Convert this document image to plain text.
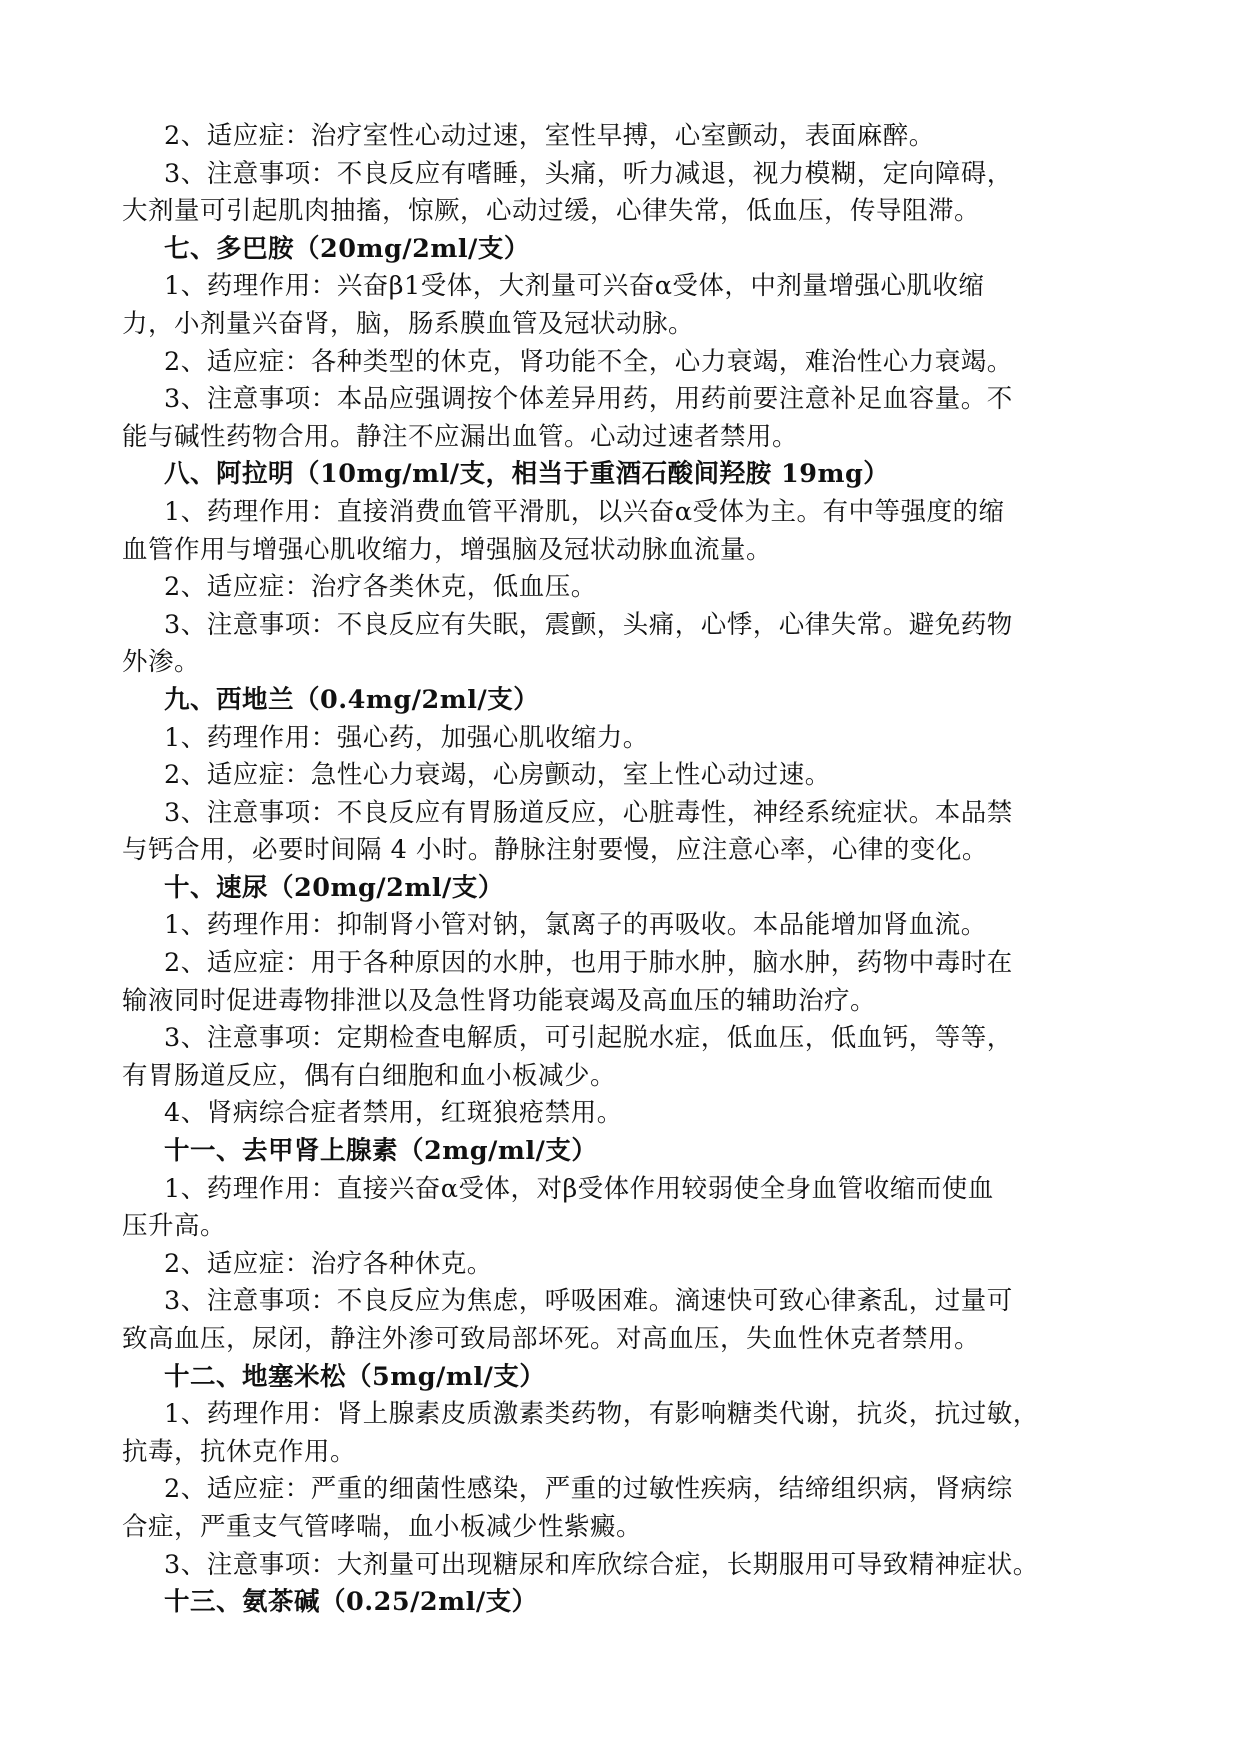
2、适应症：治疗室性心动过速，室性早搏，心室颤动，表面麻醉。

3、注意事项：不良反应有嗜睡，头痛，听力减退，视力模糊，定向障碍，

大剂量可引起肌肉抽搐，惊厥，心动过缓，心律失常，低血压，传导阻滞。

七、多巴胺（20mg/2ml/支）

1、药理作用：兴奋β1受体，大剂量可兴奋α受体，中剂量增强心肌收缩

力，小剂量兴奋肾，脑，肠系膜血管及冠状动脉。

2、适应症：各种类型的休克，肾功能不全，心力衰竭，难治性心力衰竭。

3、注意事项：本品应强调按个体差异用药，用药前要注意补足血容量。不

能与碱性药物合用。静注不应漏出血管。心动过速者禁用。

八、阿拉明（10mg/ml/支，相当于重酒石酸间羟胺 19mg）

1、药理作用：直接消费血管平滑肌，以兴奋α受体为主。有中等强度的缩

血管作用与增强心肌收缩力，增强脑及冠状动脉血流量。

2、适应症：治疗各类休克，低血压。

3、注意事项：不良反应有失眠，震颤，头痛，心悸，心律失常。避免药物

外渗。

九、西地兰（0.4mg/2ml/支）

1、药理作用：强心药，加强心肌收缩力。

2、适应症：急性心力衰竭，心房颤动，室上性心动过速。

3、注意事项：不良反应有胃肠道反应，心脏毒性，神经系统症状。本品禁

与钙合用，必要时间隔 4 小时。静脉注射要慢，应注意心率，心律的变化。

十、速尿（20mg/2ml/支）

1、药理作用：抑制肾小管对钠，氯离子的再吸收。本品能增加肾血流。

2、适应症：用于各种原因的水肿，也用于肺水肿，脑水肿，药物中毒时在

输液同时促进毒物排泄以及急性肾功能衰竭及高血压的辅助治疗。

3、注意事项：定期检查电解质，可引起脱水症，低血压，低血钙，等等，

有胃肠道反应，偶有白细胞和血小板减少。

4、肾病综合症者禁用，红斑狼疮禁用。

十一、去甲肾上腺素（2mg/ml/支）

1、药理作用：直接兴奋α受体，对β受体作用较弱使全身血管收缩而使血

压升高。

2、适应症：治疗各种休克。

3、注意事项：不良反应为焦虑，呼吸困难。滴速快可致心律紊乱，过量可

致高血压，尿闭，静注外渗可致局部坏死。对高血压，失血性休克者禁用。

十二、地塞米松（5mg/ml/支）

1、药理作用：肾上腺素皮质激素类药物，有影响糖类代谢，抗炎，抗过敏，

抗毒，抗休克作用。

2、适应症：严重的细菌性感染，严重的过敏性疾病，结缔组织病，肾病综

合症，严重支气管哮喘，血小板减少性紫癜。

3、注意事项：大剂量可出现糖尿和库欣综合症，长期服用可导致精神症状。

十三、氨茶碱（0.25/2ml/支）
